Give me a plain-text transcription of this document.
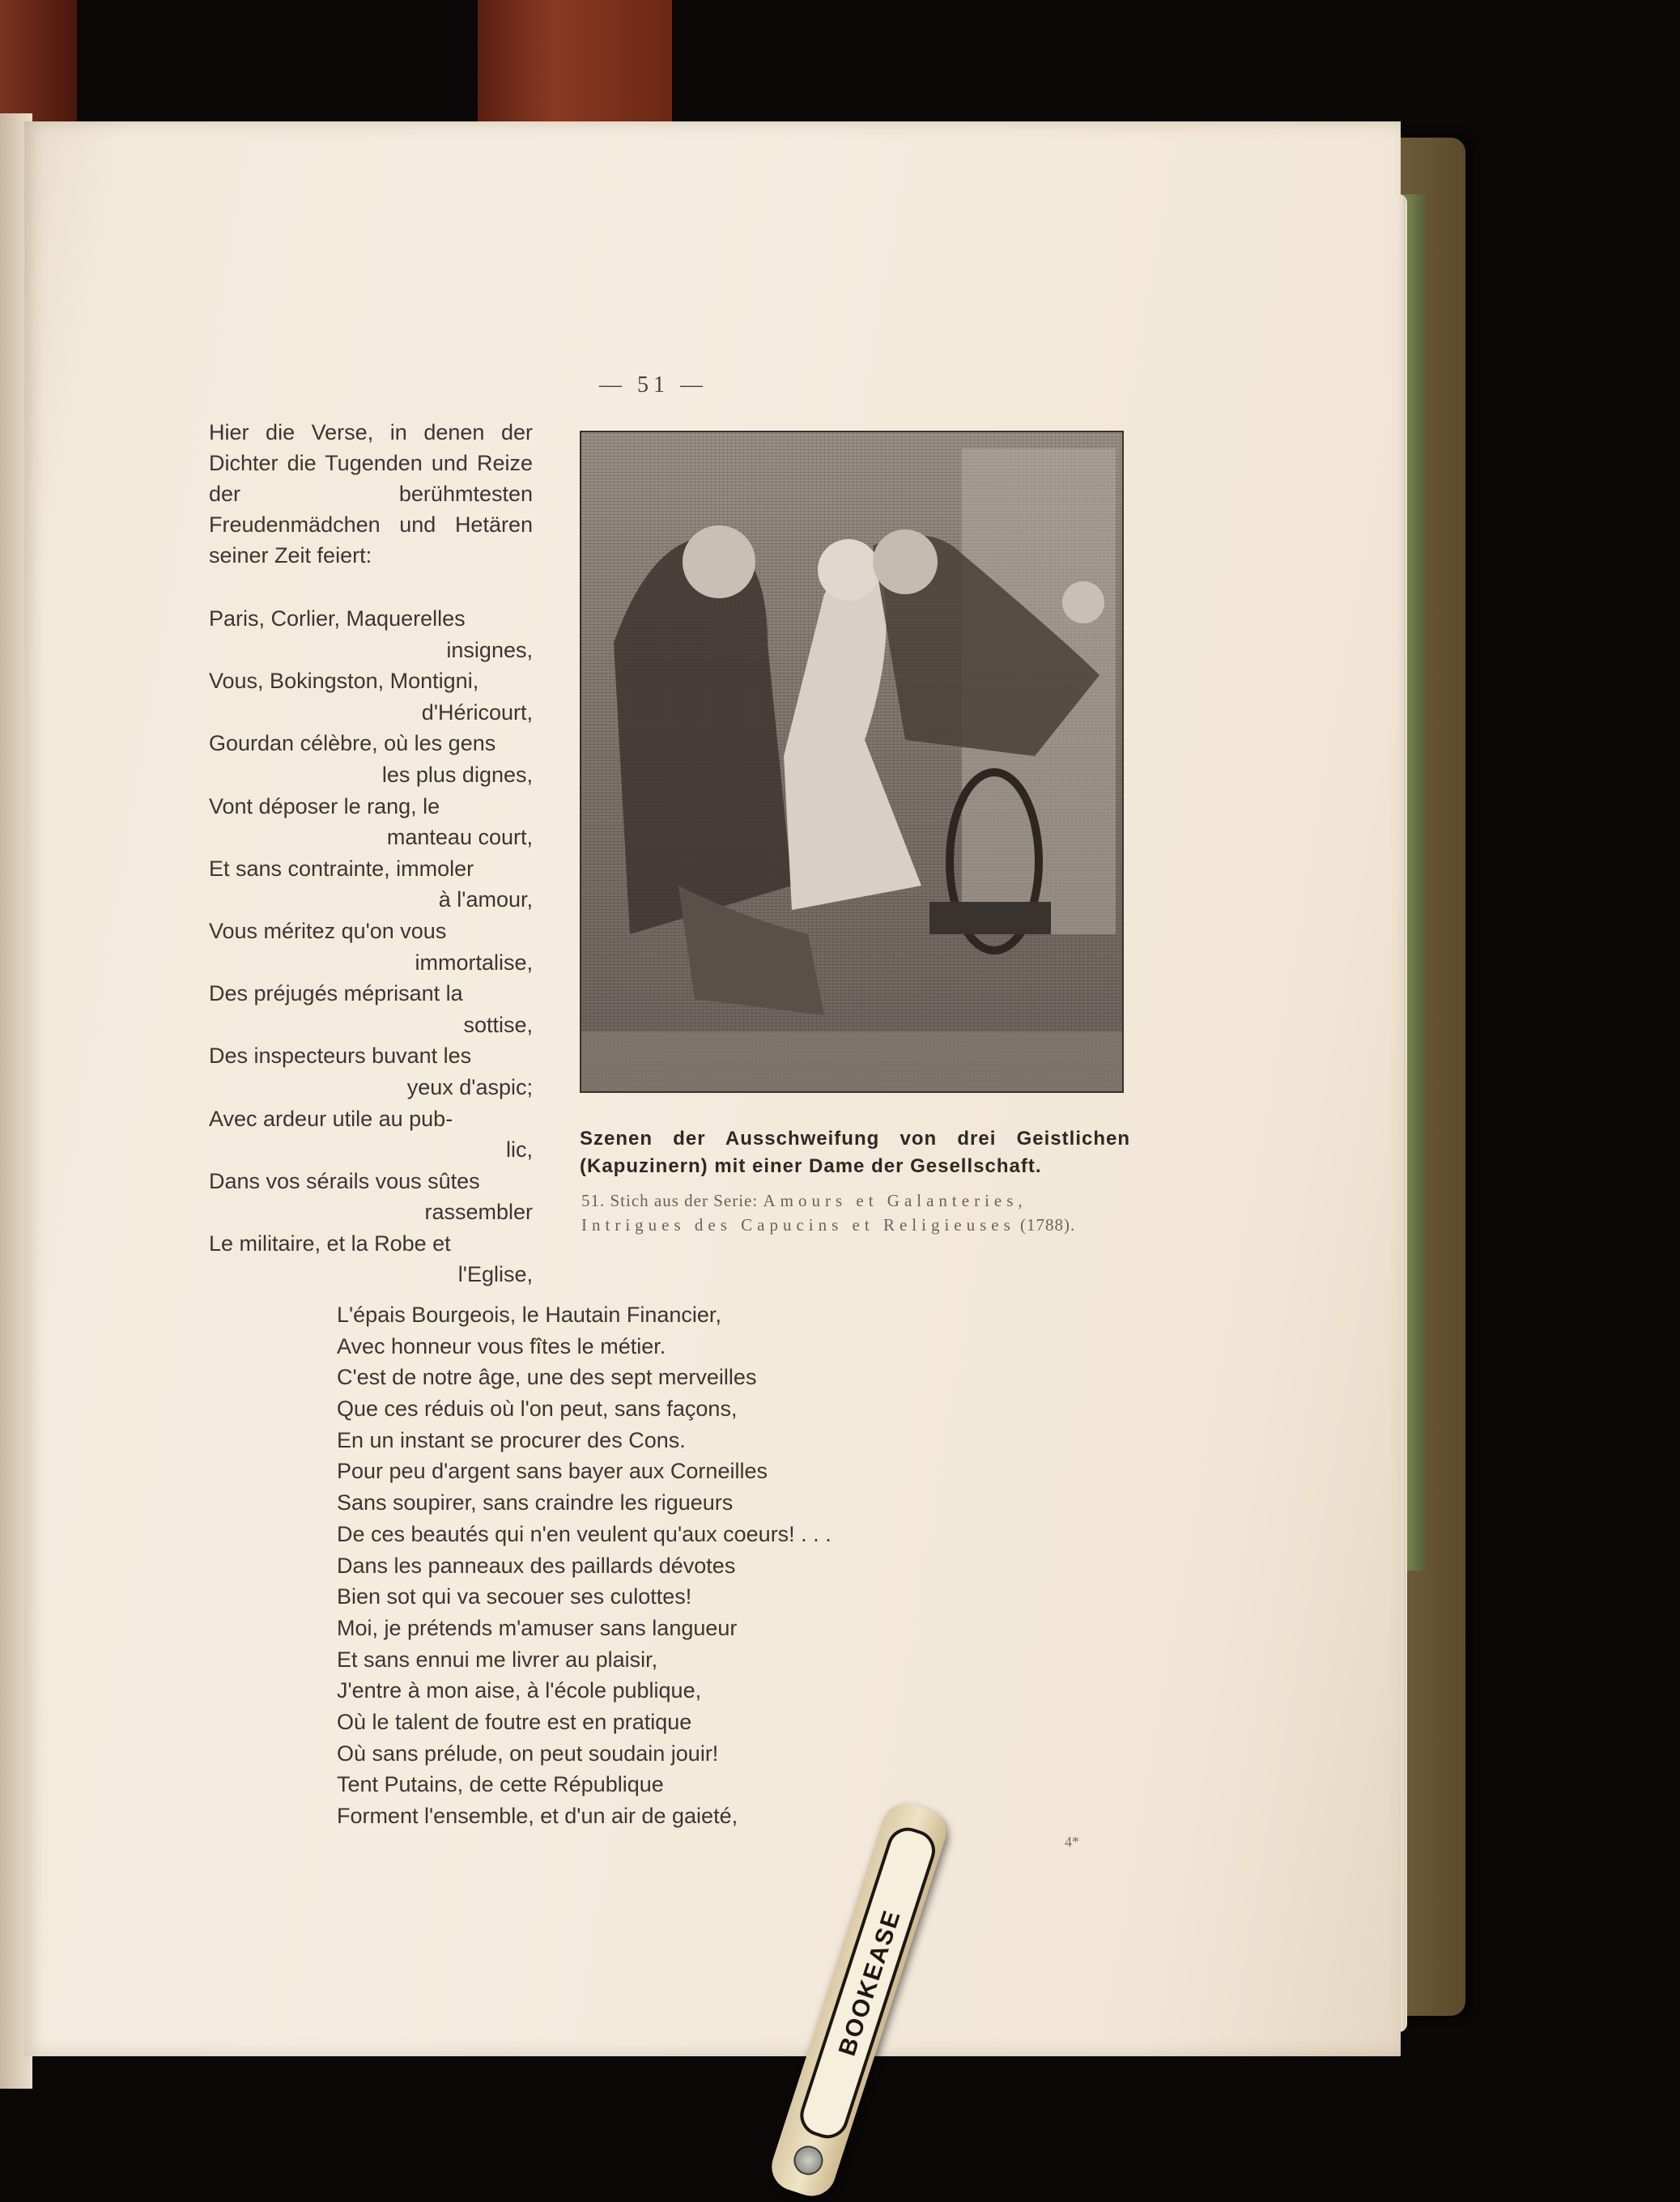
— 51 —
Hier die Verse, in denen der Dichter die Tugenden und Reize der berühmtesten Freudenmädchen und Hetären seiner Zeit feiert:
Paris, Corlier, Maquerelles
insignes,
Vous, Bokingston, Montigni,
d'Héricourt,
Gourdan célèbre, où les gens
les plus dignes,
Vont déposer le rang, le
manteau court,
Et sans contrainte, immoler
à l'amour,
Vous méritez qu'on vous
immortalise,
Des préjugés méprisant la
sottise,
Des inspecteurs buvant les
yeux d'aspic;
Avec ardeur utile au pub-
lic,
Dans vos sérails vous sûtes
rassembler
Le militaire, et la Robe et
l'Eglise,
L'épais Bourgeois, le Hautain Financier,
Avec honneur vous fîtes le métier.
C'est de notre âge, une des sept merveilles
Que ces réduis où l'on peut, sans façons,
En un instant se procurer des Cons.
Pour peu d'argent sans bayer aux Corneilles
Sans soupirer, sans craindre les rigueurs
De ces beautés qui n'en veulent qu'aux coeurs! . . .
Dans les panneaux des paillards dévotes
Bien sot qui va secouer ses culottes!
Moi, je prétends m'amuser sans langueur
Et sans ennui me livrer au plaisir,
J'entre à mon aise, à l'école publique,
Où le talent de foutre est en pratique
Où sans prélude, on peut soudain jouir!
Tent Putains, de cette République
Forment l'ensemble, et d'un air de gaieté,
Szenen der Ausschweifung von drei Geistlichen (Kapuzinern) mit einer Dame der Gesellschaft.
51. Stich aus der Serie: Amours et Galanteries, Intrigues des Capucins et Religieuses (1788).
4*
BOOKEASE
